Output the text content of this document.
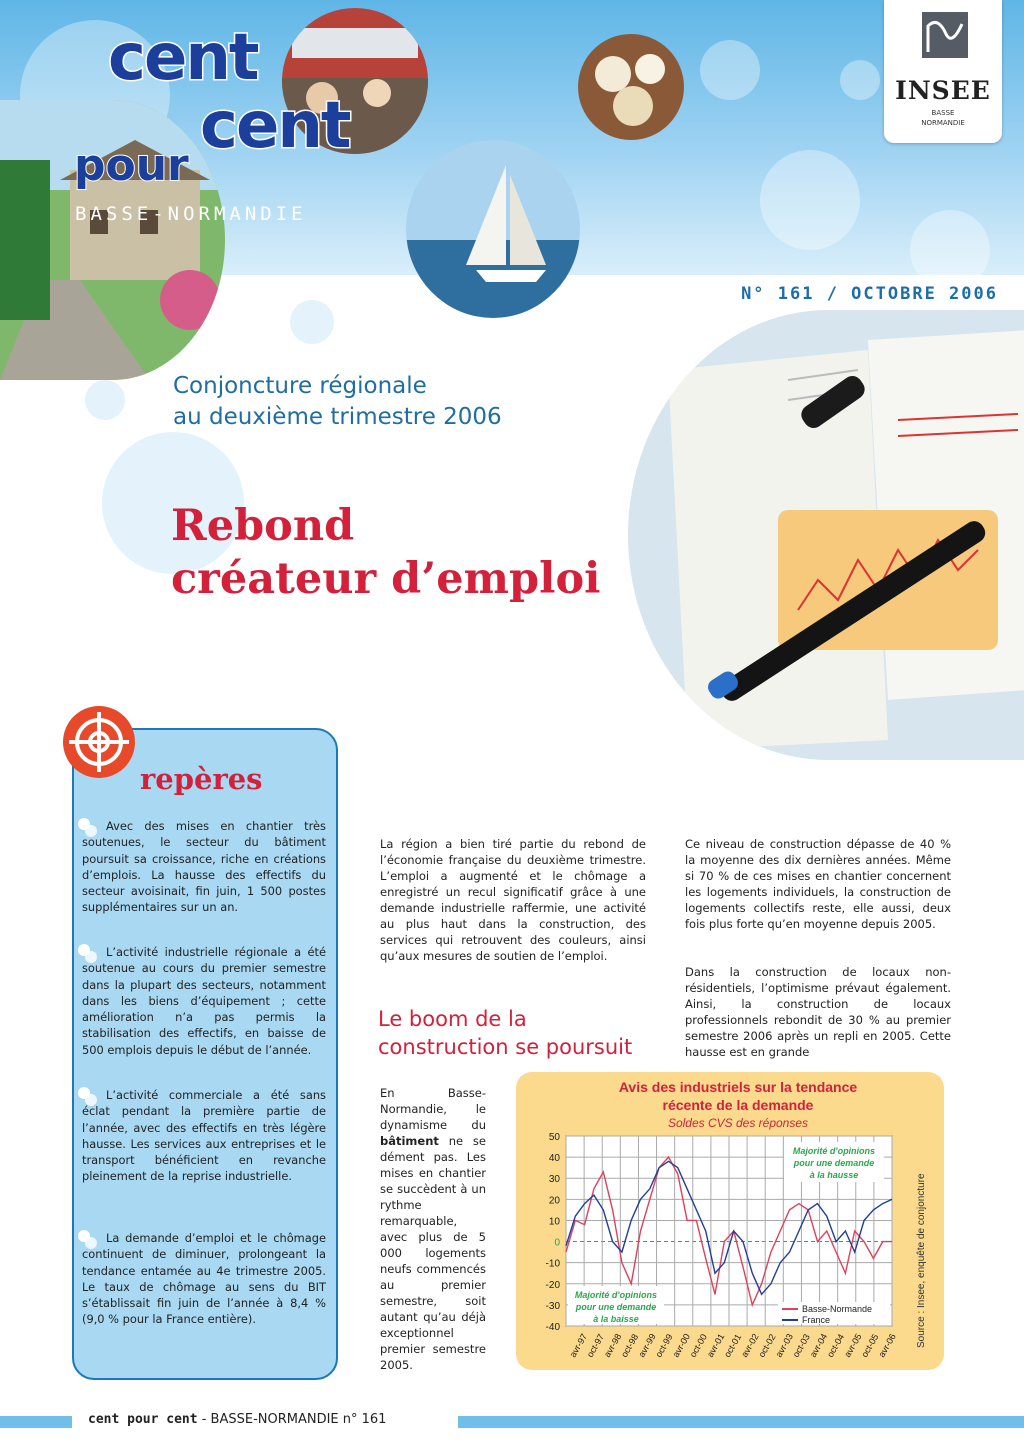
cent
cent
pour
BASSE-NORMANDIE
INSEE
BASSE
NORMANDIE
N° 161 / OCTOBRE 2006
Conjoncture régionale
au deuxième trimestre 2006
Rebond
créateur d’emploi
repères
Avec des mises en chantier très soutenues, le secteur du bâtiment poursuit sa croissance, riche en créations d’emplois. La hausse des effectifs du secteur avoisinait, fin juin, 1 500 postes supplémentaires sur un an.
L’activité industrielle régionale a été soutenue au cours du premier semestre dans la plupart des secteurs, notamment dans les biens d’équipement ; cette amélioration n’a pas permis la stabilisation des effectifs, en baisse de 500 emplois depuis le début de l’année.
L’activité commerciale a été sans éclat pendant la première partie de l’année, avec des effectifs en très légère hausse. Les services aux entreprises et le transport bénéficient en revanche pleinement de la reprise industrielle.
La demande d’emploi et le chômage continuent de diminuer, prolongeant la tendance entamée au 4e trimestre 2005. Le taux de chômage au sens du BIT s’établissait fin juin de l’année à 8,4 % (9,0 % pour la France entière).
La région a bien tiré partie du rebond de l’économie française du deuxième trimestre. L’emploi a augmenté et le chômage a enregistré un recul significatif grâce à une demande industrielle raffermie, une activité au plus haut dans la construction, des services qui retrouvent des couleurs, ainsi qu’aux mesures de soutien de l’emploi.
Le boom de la
construction se poursuit
En Basse-Normandie, le dynamisme du bâtiment ne se dément pas. Les mises en chantier se succèdent à un rythme remarquable, avec plus de 5 000 logements neufs commencés au premier semestre, soit autant qu’au déjà exceptionnel premier semestre 2005.
Ce niveau de construction dépasse de 40 % la moyenne des dix dernières années. Même si 70 % de ces mises en chantier concernent les logements individuels, la construction de logements collectifs reste, elle aussi, deux fois plus forte qu’en moyenne depuis 2005.
Dans la construction de locaux non-résidentiels, l’optimisme prévaut également. Ainsi, la construction de locaux professionnels rebondit de 30 % au premier semestre 2006 après un repli en 2005. Cette hausse est en grande
Avis des industriels sur la tendance
récente de la demande
Soldes CVS des réponses
50
40
30
20
10
0
-10
-20
-30
-40
avr-97
oct-97
avr-98
oct-98
avr-99
oct-99
avr-00
oct-00
avr-01
oct-01
avr-02
oct-02
avr-03
oct-03
avr-04
oct-04
avr-05
oct-05
avr-06
Majorité d'opinions
pour une demande
à la hausse
Majorité d'opinions
pour une demande
à la baisse
Basse-Normande
France	Source : Insee, enquête de conjoncture
cent pour cent - BASSE-NORMANDIE n° 161
